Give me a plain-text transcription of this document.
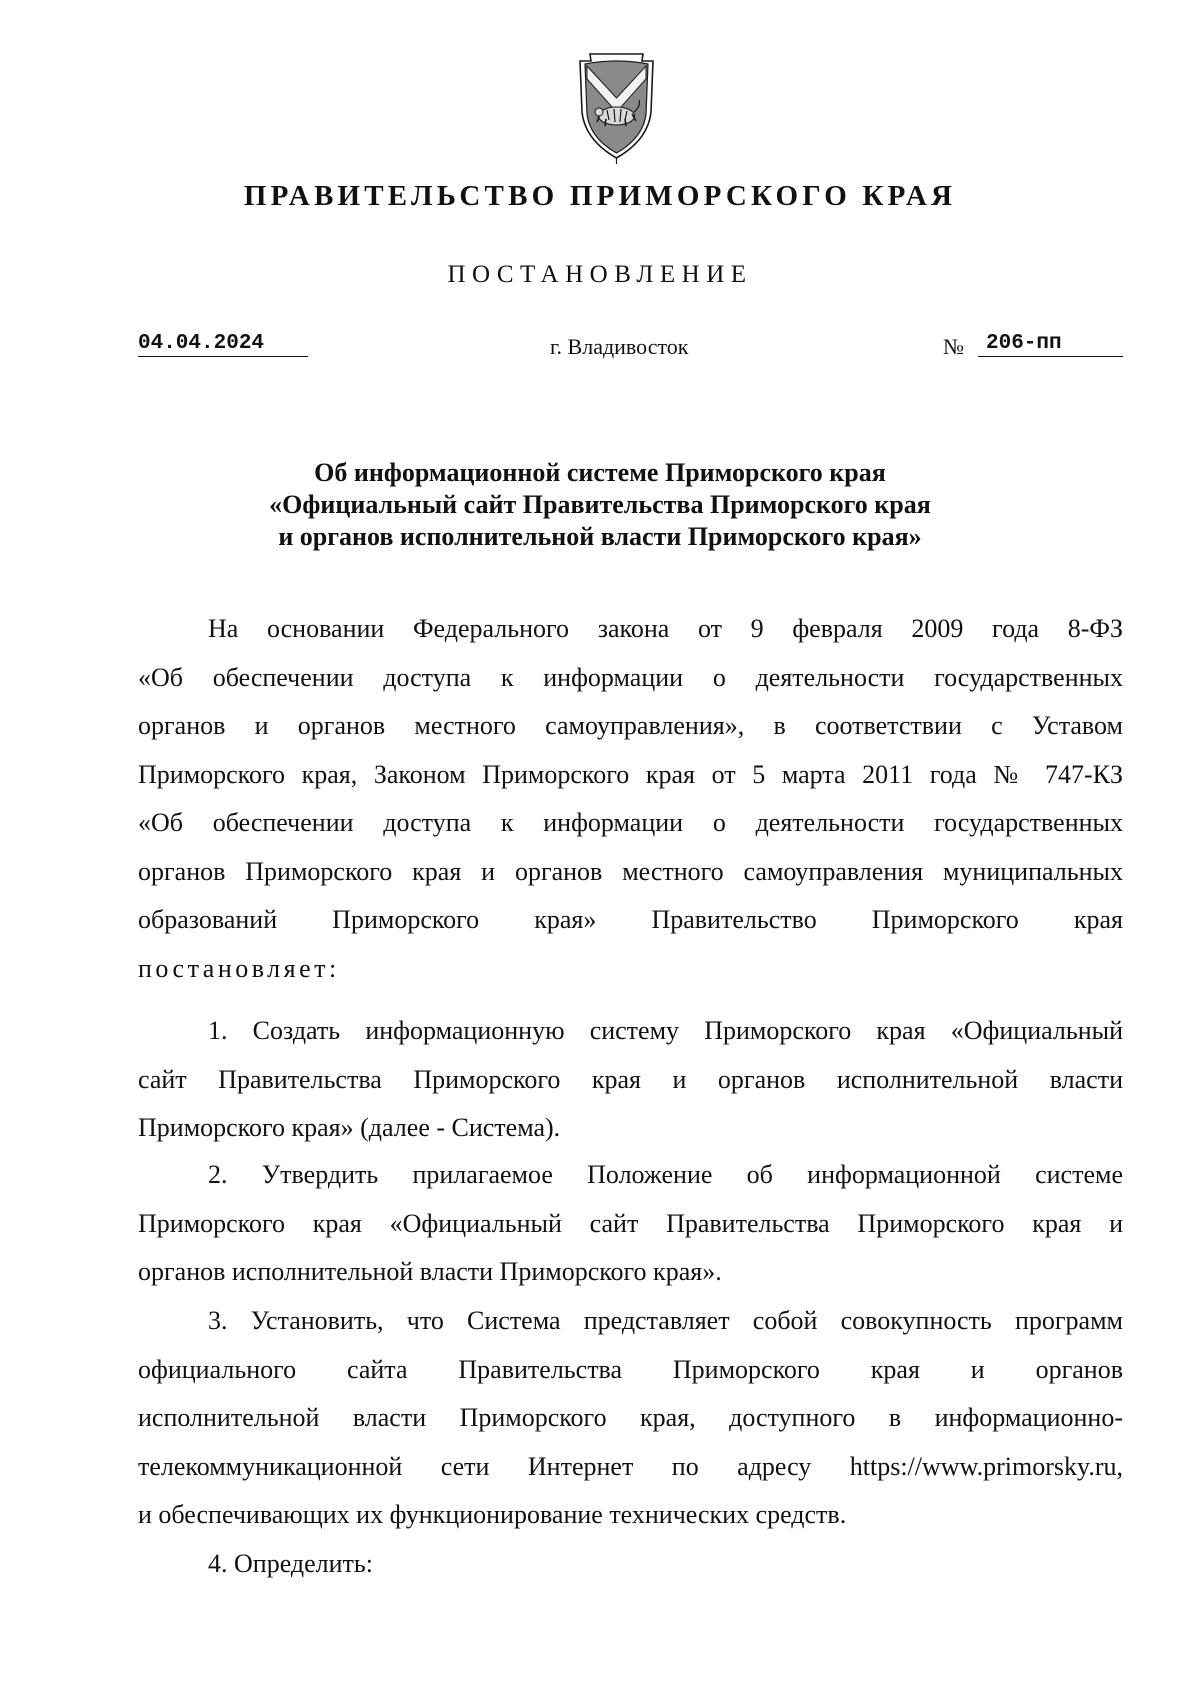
ПРАВИТЕЛЬСТВО ПРИМОРСКОГО КРАЯ
ПОСТАНОВЛЕНИЕ
04.04.2024	г. Владивосток	№	206-пп
Об информационной системе Приморского края
«Официальный сайт Правительства Приморского края
и органов исполнительной власти Приморского края»
На основании Федерального закона от 9 февраля 2009 года 8-ФЗ
«Об обеспечении доступа к информации о деятельности государственных
органов и органов местного самоуправления», в соответствии с Уставом
Приморского края, Законом Приморского края от 5 марта 2011 года № 747-КЗ
«Об обеспечении доступа к информации о деятельности государственных
органов Приморского края и органов местного самоуправления муниципальных
образований Приморского края» Правительство Приморского края
постановляет:
1. Создать информационную систему Приморского края «Официальный
сайт Правительства Приморского края и органов исполнительной власти
Приморского края» (далее - Система).
2. Утвердить прилагаемое Положение об информационной системе
Приморского края «Официальный сайт Правительства Приморского края и
органов исполнительной власти Приморского края».
3. Установить, что Система представляет собой совокупность программ
официального сайта Правительства Приморского края и органов
исполнительной власти Приморского края, доступного в информационно-
телекоммуникационной сети Интернет по адресу https://www.primorsky.ru,
и обеспечивающих их функционирование технических средств.
4. Определить:
